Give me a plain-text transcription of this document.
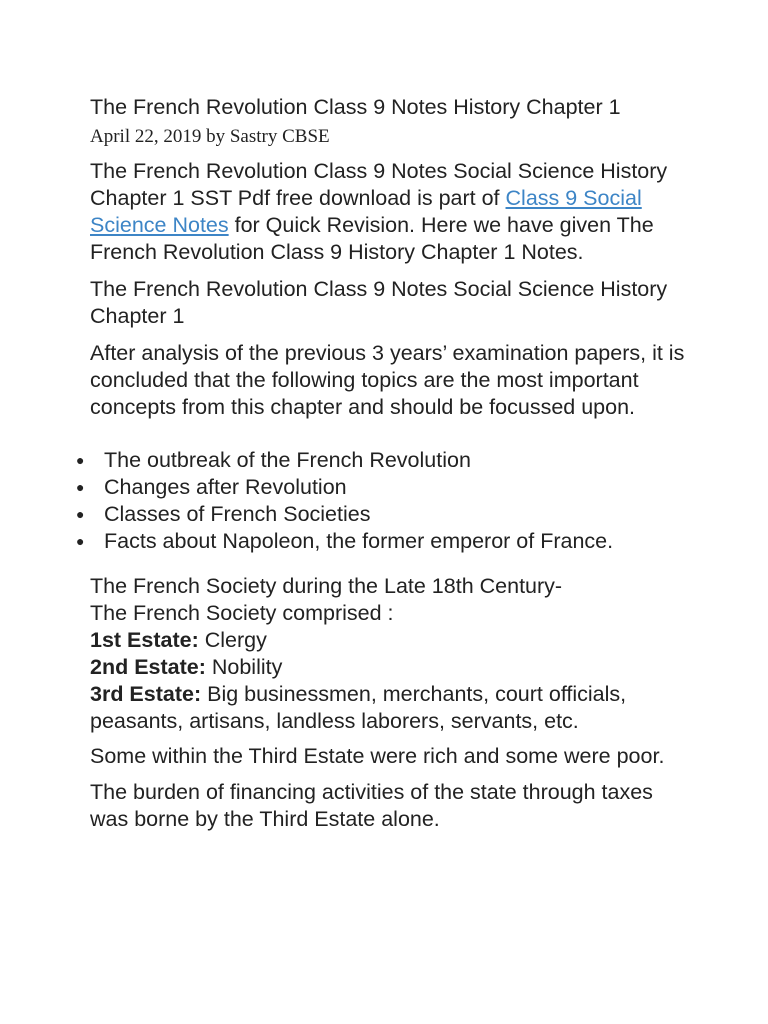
The French Revolution Class 9 Notes History Chapter 1
April 22, 2019 by Sastry CBSE

The French Revolution Class 9 Notes Social Science History Chapter 1 SST Pdf free download is part of Class 9 Social Science Notes for Quick Revision. Here we have given The French Revolution Class 9 History Chapter 1 Notes.

The French Revolution Class 9 Notes Social Science History Chapter 1

After analysis of the previous 3 years’ examination papers, it is concluded that the following topics are the most important concepts from this chapter and should be focussed upon.

● The outbreak of the French Revolution
● Changes after Revolution
● Classes of French Societies
● Facts about Napoleon, the former emperor of France.
The French Society during the Late 18th Century-
The French Society comprised :
1st Estate: Clergy
2nd Estate: Nobility
3rd Estate: Big businessmen, merchants, court officials, peasants, artisans, landless laborers, servants, etc.

Some within the Third Estate were rich and some were poor.

The burden of financing activities of the state through taxes was borne by the Third Estate alone.
